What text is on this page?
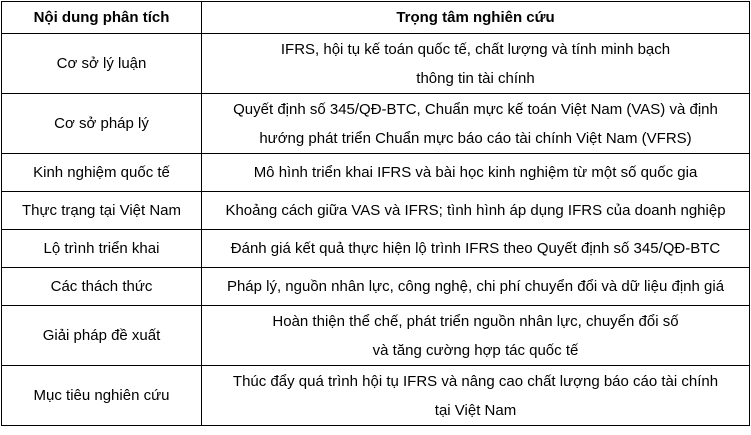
Nội dung phân tích	Trọng tâm nghiên cứu
Cơ sở lý luận	IFRS, hội tụ kế toán quốc tế, chất lượng và tính minh bạch
thông tin tài chính
Cơ sở pháp lý	Quyết định số 345/QĐ-BTC, Chuẩn mực kế toán Việt Nam (VAS) và định
hướng phát triển Chuẩn mực báo cáo tài chính Việt Nam (VFRS)
Kinh nghiệm quốc tế	Mô hình triển khai IFRS và bài học kinh nghiệm từ một số quốc gia
Thực trạng tại Việt Nam	Khoảng cách giữa VAS và IFRS; tình hình áp dụng IFRS của doanh nghiệp
Lộ trình triển khai	Đánh giá kết quả thực hiện lộ trình IFRS theo Quyết định số 345/QĐ-BTC
Các thách thức	Pháp lý, nguồn nhân lực, công nghệ, chi phí chuyển đổi và dữ liệu định giá
Giải pháp đề xuất	Hoàn thiện thể chế, phát triển nguồn nhân lực, chuyển đổi số
và tăng cường hợp tác quốc tế
Mục tiêu nghiên cứu	Thúc đẩy quá trình hội tụ IFRS và nâng cao chất lượng báo cáo tài chính
tại Việt Nam
